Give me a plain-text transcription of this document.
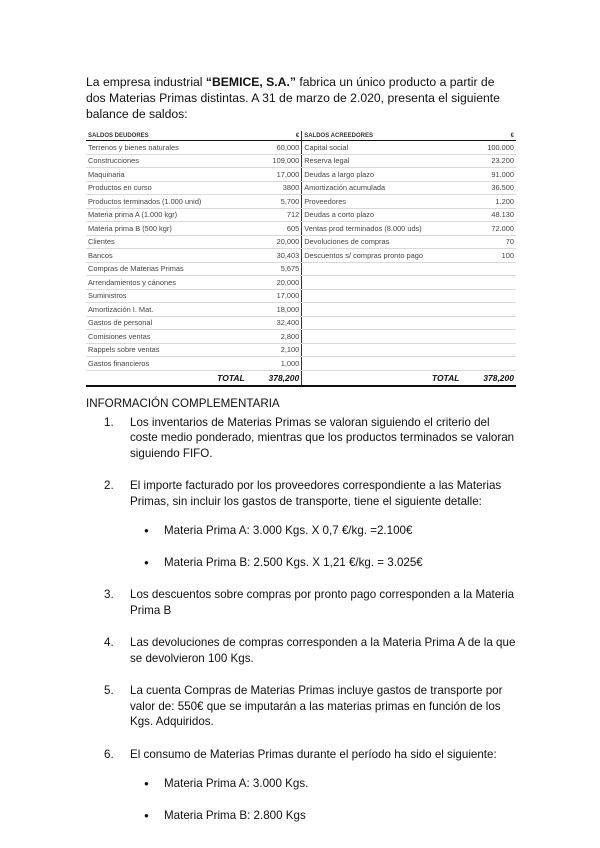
La empresa industrial “BEMICE, S.A.” fabrica un único producto a partir de dos Materias Primas distintas. A 31 de marzo de 2.020, presenta el siguiente balance de saldos:
SALDOS DEUDORES	€	SALDOS ACREEDORES	€
Terrenos y bienes naturales	60,000	Capital social	100.000
Construcciones	109,000	Reserva legal	23.200
Maquinaria	17,000	Deudas a largo plazo	91.000
Productos en curso	3800	Amortización acumulada	36.500
Productos terminados (1.000 unid)	5,700	Proveedores	1.200
Materia prima A (1.000 kgr)	712	Deudas a corto plazo	48.130
Materia prima B (500 kgr)	605	Ventas prod terminados (8.000 uds)	72.000
Clientes	20,000	Devoluciones de compras	70
Bancos	30,403	Descuentos s/ compras pronto pago	100
Compras de Materias Primas	5,675		
Arrendamientos y cánones	20,000		
Suministros	17,000		
Amortización I. Mat.	18,000		
Gastos de personal	32,400		
Comisiones ventas	2,800		
Rappels sobre ventas	2,100		
Gastos financieros	1,000		
TOTAL	378,200	TOTAL	378,200
INFORMACIÓN COMPLEMENTARIA
1. Los inventarios de Materias Primas se valoran siguiendo el criterio del coste medio ponderado, mientras que los productos terminados se valoran siguiendo FIFO.
2. El importe facturado por los proveedores correspondiente a las Materias Primas, sin incluir los gastos de transporte, tiene el siguiente detalle:
● Materia Prima A: 3.000 Kgs. X 0,7 €/kg. =2.100€
● Materia Prima B: 2.500 Kgs. X 1,21 €/kg. = 3.025€
3. Los descuentos sobre compras por pronto pago corresponden a la Materia Prima B
4. Las devoluciones de compras corresponden a la Materia Prima A de la que se devolvieron 100 Kgs.
5. La cuenta Compras de Materias Primas incluye gastos de transporte por valor de: 550€ que se imputarán a las materias primas en función de los Kgs. Adquiridos.
6. El consumo de Materias Primas durante el período ha sido el siguiente:
● Materia Prima A: 3.000 Kgs.
● Materia Prima B: 2.800 Kgs
